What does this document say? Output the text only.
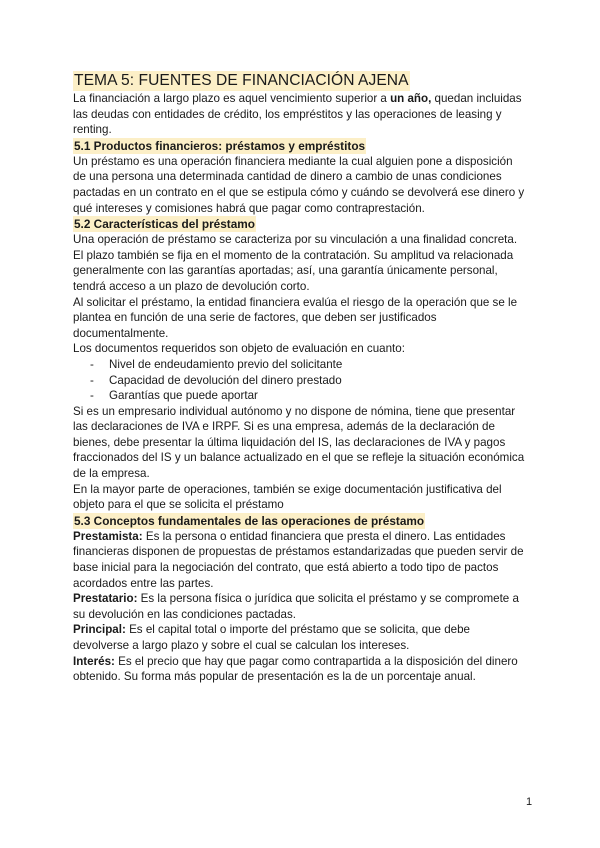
TEMA 5: FUENTES DE FINANCIACIÓN AJENA

La financiación a largo plazo es aquel vencimiento superior a un año, quedan incluidas las deudas con entidades de crédito, los empréstitos y las operaciones de leasing y renting.

5.1 Productos financieros: préstamos y empréstitos

Un préstamo es una operación financiera mediante la cual alguien pone a disposición de una persona una determinada cantidad de dinero a cambio de unas condiciones pactadas en un contrato en el que se estipula cómo y cuándo se devolverá ese dinero y qué intereses y comisiones habrá que pagar como contraprestación.

5.2 Características del préstamo

Una operación de préstamo se caracteriza por su vinculación a una finalidad concreta. El plazo también se fija en el momento de la contratación. Su amplitud va relacionada generalmente con las garantías aportadas; así, una garantía únicamente personal, tendrá acceso a un plazo de devolución corto.

Al solicitar el préstamo, la entidad financiera evalúa el riesgo de la operación que se le plantea en función de una serie de factores, que deben ser justificados documentalmente.

Los documentos requeridos son objeto de evaluación en cuanto:

- Nivel de endeudamiento previo del solicitante
- Capacidad de devolución del dinero prestado
- Garantías que puede aportar

Si es un empresario individual autónomo y no dispone de nómina, tiene que presentar las declaraciones de IVA e IRPF. Si es una empresa, además de la declaración de bienes, debe presentar la última liquidación del IS, las declaraciones de IVA y pagos fraccionados del IS y un balance actualizado en el que se refleje la situación económica de la empresa.

En la mayor parte de operaciones, también se exige documentación justificativa del objeto para el que se solicita el préstamo

5.3 Conceptos fundamentales de las operaciones de préstamo

Prestamista: Es la persona o entidad financiera que presta el dinero. Las entidades financieras disponen de propuestas de préstamos estandarizadas que pueden servir de base inicial para la negociación del contrato, que está abierto a todo tipo de pactos acordados entre las partes.

Prestatario: Es la persona física o jurídica que solicita el préstamo y se compromete a su devolución en las condiciones pactadas.

Principal: Es el capital total o importe del préstamo que se solicita, que debe devolverse a largo plazo y sobre el cual se calculan los intereses.

Interés: Es el precio que hay que pagar como contrapartida a la disposición del dinero obtenido. Su forma más popular de presentación es la de un porcentaje anual.

1
